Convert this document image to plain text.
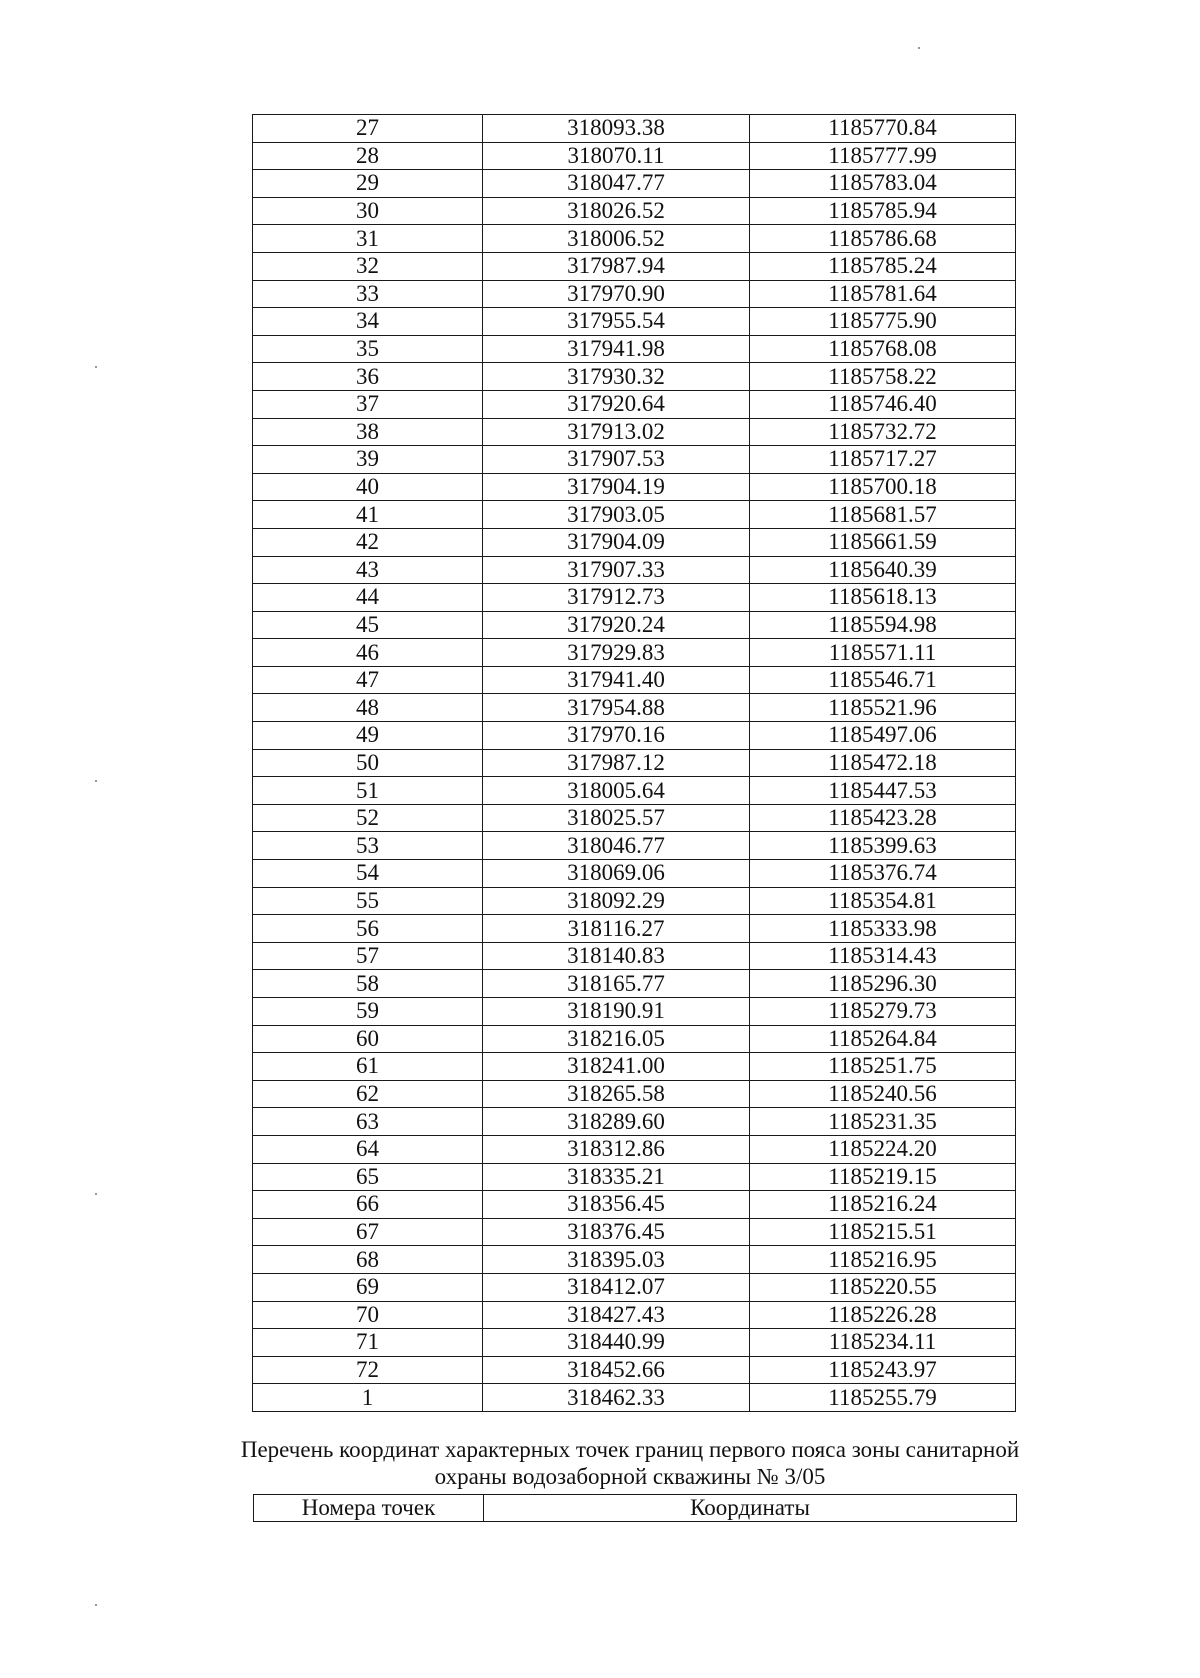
27	318093.38	1185770.84
28	318070.11	1185777.99
29	318047.77	1185783.04
30	318026.52	1185785.94
31	318006.52	1185786.68
32	317987.94	1185785.24
33	317970.90	1185781.64
34	317955.54	1185775.90
35	317941.98	1185768.08
36	317930.32	1185758.22
37	317920.64	1185746.40
38	317913.02	1185732.72
39	317907.53	1185717.27
40	317904.19	1185700.18
41	317903.05	1185681.57
42	317904.09	1185661.59
43	317907.33	1185640.39
44	317912.73	1185618.13
45	317920.24	1185594.98
46	317929.83	1185571.11
47	317941.40	1185546.71
48	317954.88	1185521.96
49	317970.16	1185497.06
50	317987.12	1185472.18
51	318005.64	1185447.53
52	318025.57	1185423.28
53	318046.77	1185399.63
54	318069.06	1185376.74
55	318092.29	1185354.81
56	318116.27	1185333.98
57	318140.83	1185314.43
58	318165.77	1185296.30
59	318190.91	1185279.73
60	318216.05	1185264.84
61	318241.00	1185251.75
62	318265.58	1185240.56
63	318289.60	1185231.35
64	318312.86	1185224.20
65	318335.21	1185219.15
66	318356.45	1185216.24
67	318376.45	1185215.51
68	318395.03	1185216.95
69	318412.07	1185220.55
70	318427.43	1185226.28
71	318440.99	1185234.11
72	318452.66	1185243.97
1	318462.33	1185255.79
Перечень координат характерных точек границ первого пояса зоны санитарной
охраны водозаборной скважины № 3/05
Номера точек	Координаты
